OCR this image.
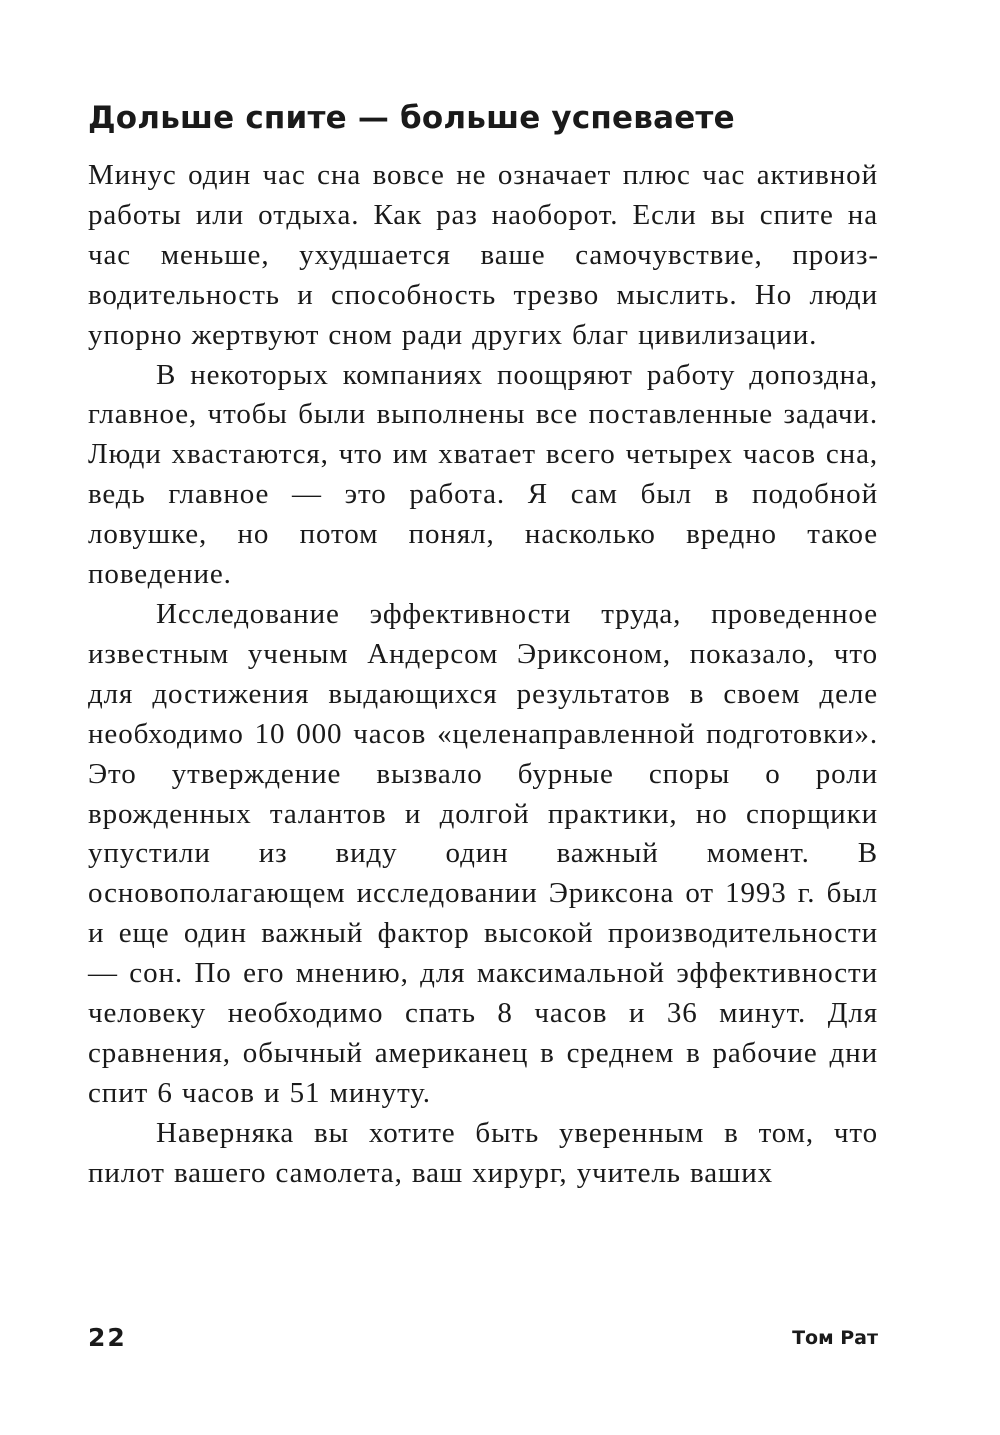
Дольше спите — больше успеваете

Минус один час сна вовсе не означает плюс час активной работы или отдыха. Как раз наоборот. Если вы спите на час меньше, ухудшается ваше самочувствие, производительность и способность трезво мыслить. Но люди упорно жертвуют сном ради других благ цивилизации.

В некоторых компаниях поощряют работу допоздна, главное, чтобы были выполнены все поставленные задачи. Люди хвастаются, что им хватает всего четырех часов сна, ведь главное — это работа. Я сам был в подобной ловушке, но потом понял, насколько вредно такое поведение.

Исследование эффективности труда, проведенное известным ученым Андерсом Эриксоном, показало, что для достижения выдающихся результатов в своем деле необходимо 10 000 часов «целенаправленной подготовки». Это утверждение вызвало бурные споры о роли врожденных талантов и долгой практики, но спорщики упустили из виду один важный момент. В основополагающем исследовании Эриксона от 1993 г. был и еще один важный фактор высокой производительности — сон. По его мнению, для максимальной эффективности человеку необходимо спать 8 часов и 36 минут. Для сравнения, обычный американец в среднем в рабочие дни спит 6 часов и 51 минуту.

Наверняка вы хотите быть уверенным в том, что пилот вашего самолета, ваш хирург, учитель ваших

22	Том Рат
